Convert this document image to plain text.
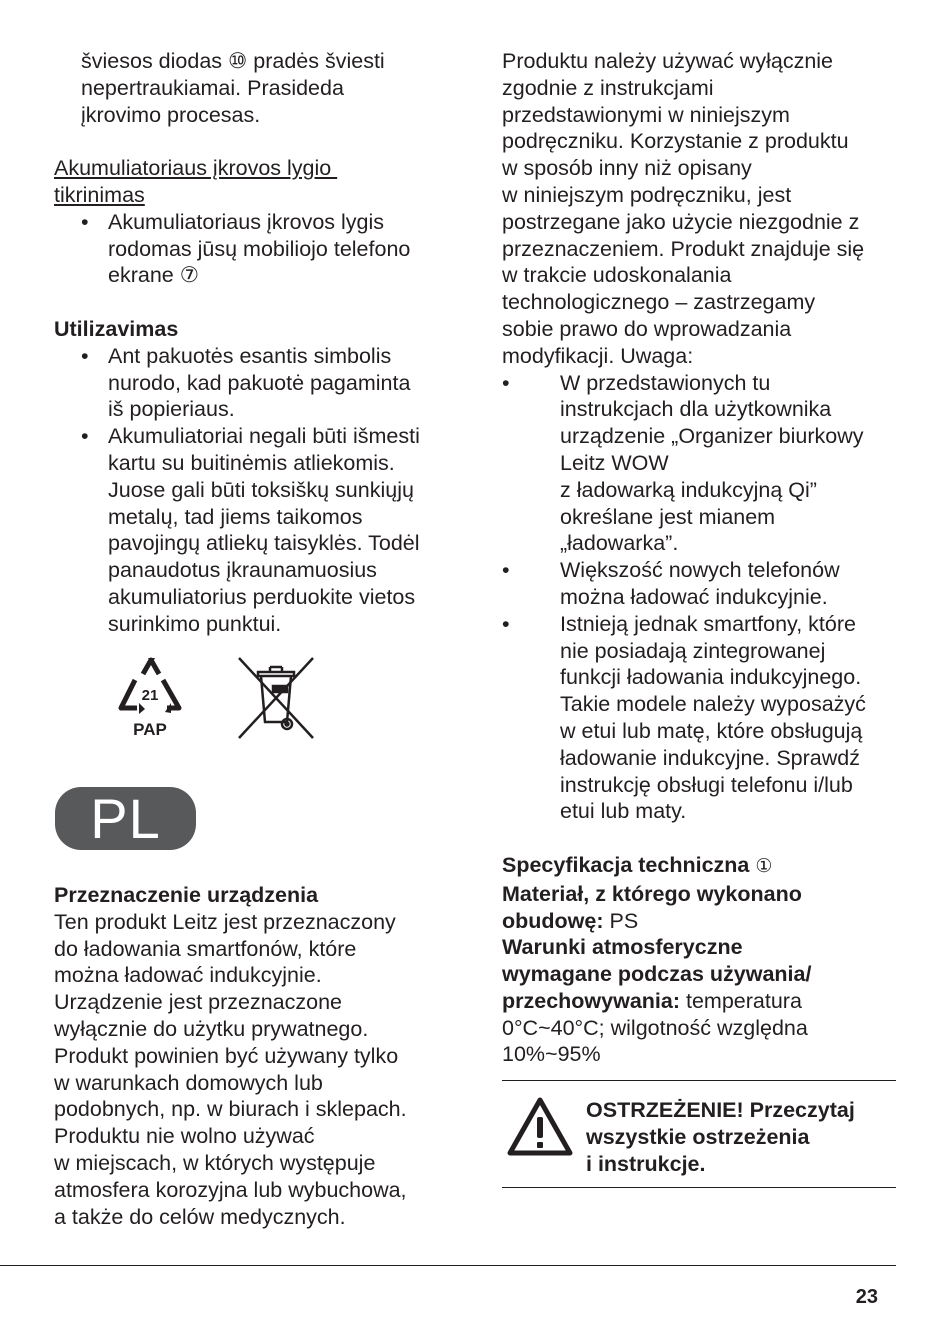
šviesos diodas ⑩ pradės šviesti

nepertraukiamai. Prasideda

įkrovimo procesas.

Akumuliatoriaus įkrovos lygio

tikrinimas

• Akumuliatoriaus įkrovos lygis

rodomas jūsų mobiliojo telefono

ekrane ⑦

Utilizavimas

• Ant pakuotės esantis simbolis

nurodo, kad pakuotė pagaminta

iš popieriaus.

• Akumuliatoriai negali būti išmesti

kartu su buitinėmis atliekomis.

Juose gali būti toksiškų sunkiųjų

metalų, tad jiems taikomos

pavojingų atliekų taisyklės. Todėl

panaudotus įkraunamuosius

akumuliatorius perduokite vietos

surinkimo punktui.

21
PAP
PL

Przeznaczenie urządzenia

Ten produkt Leitz jest przeznaczony

do ładowania smartfonów, które

można ładować indukcyjnie.

Urządzenie jest przeznaczone

wyłącznie do użytku prywatnego.

Produkt powinien być używany tylko

w warunkach domowych lub

podobnych, np. w biurach i sklepach.

Produktu nie wolno używać

w miejscach, w których występuje

atmosfera korozyjna lub wybuchowa,

a także do celów medycznych.

Produktu należy używać wyłącznie

zgodnie z instrukcjami

przedstawionymi w niniejszym

podręczniku. Korzystanie z produktu

w sposób inny niż opisany

w niniejszym podręczniku, jest

postrzegane jako użycie niezgodnie z

przeznaczeniem. Produkt znajduje się

w trakcie udoskonalania

technologicznego – zastrzegamy

sobie prawo do wprowadzania

modyfikacji. Uwaga:

• W przedstawionych tu

instrukcjach dla użytkownika

urządzenie „Organizer biurkowy

Leitz WOW

z ładowarką indukcyjną Qi”

określane jest mianem

„ładowarka”.

• Większość nowych telefonów

można ładować indukcyjnie.

• Istnieją jednak smartfony, które

nie posiadają zintegrowanej

funkcji ładowania indukcyjnego.

Takie modele należy wyposażyć

w etui lub matę, które obsługują

ładowanie indukcyjne. Sprawdź

instrukcję obsługi telefonu i/lub

etui lub maty.

Specyfikacja techniczna ①

Materiał, z którego wykonano

obudowę: PS

Warunki atmosferyczne

wymagane podczas używania/

przechowywania: temperatura

0°C~40°C; wilgotność względna

10%~95%

OSTRZEŻENIE! Przeczytaj

wszystkie ostrzeżenia

i instrukcje.

23
